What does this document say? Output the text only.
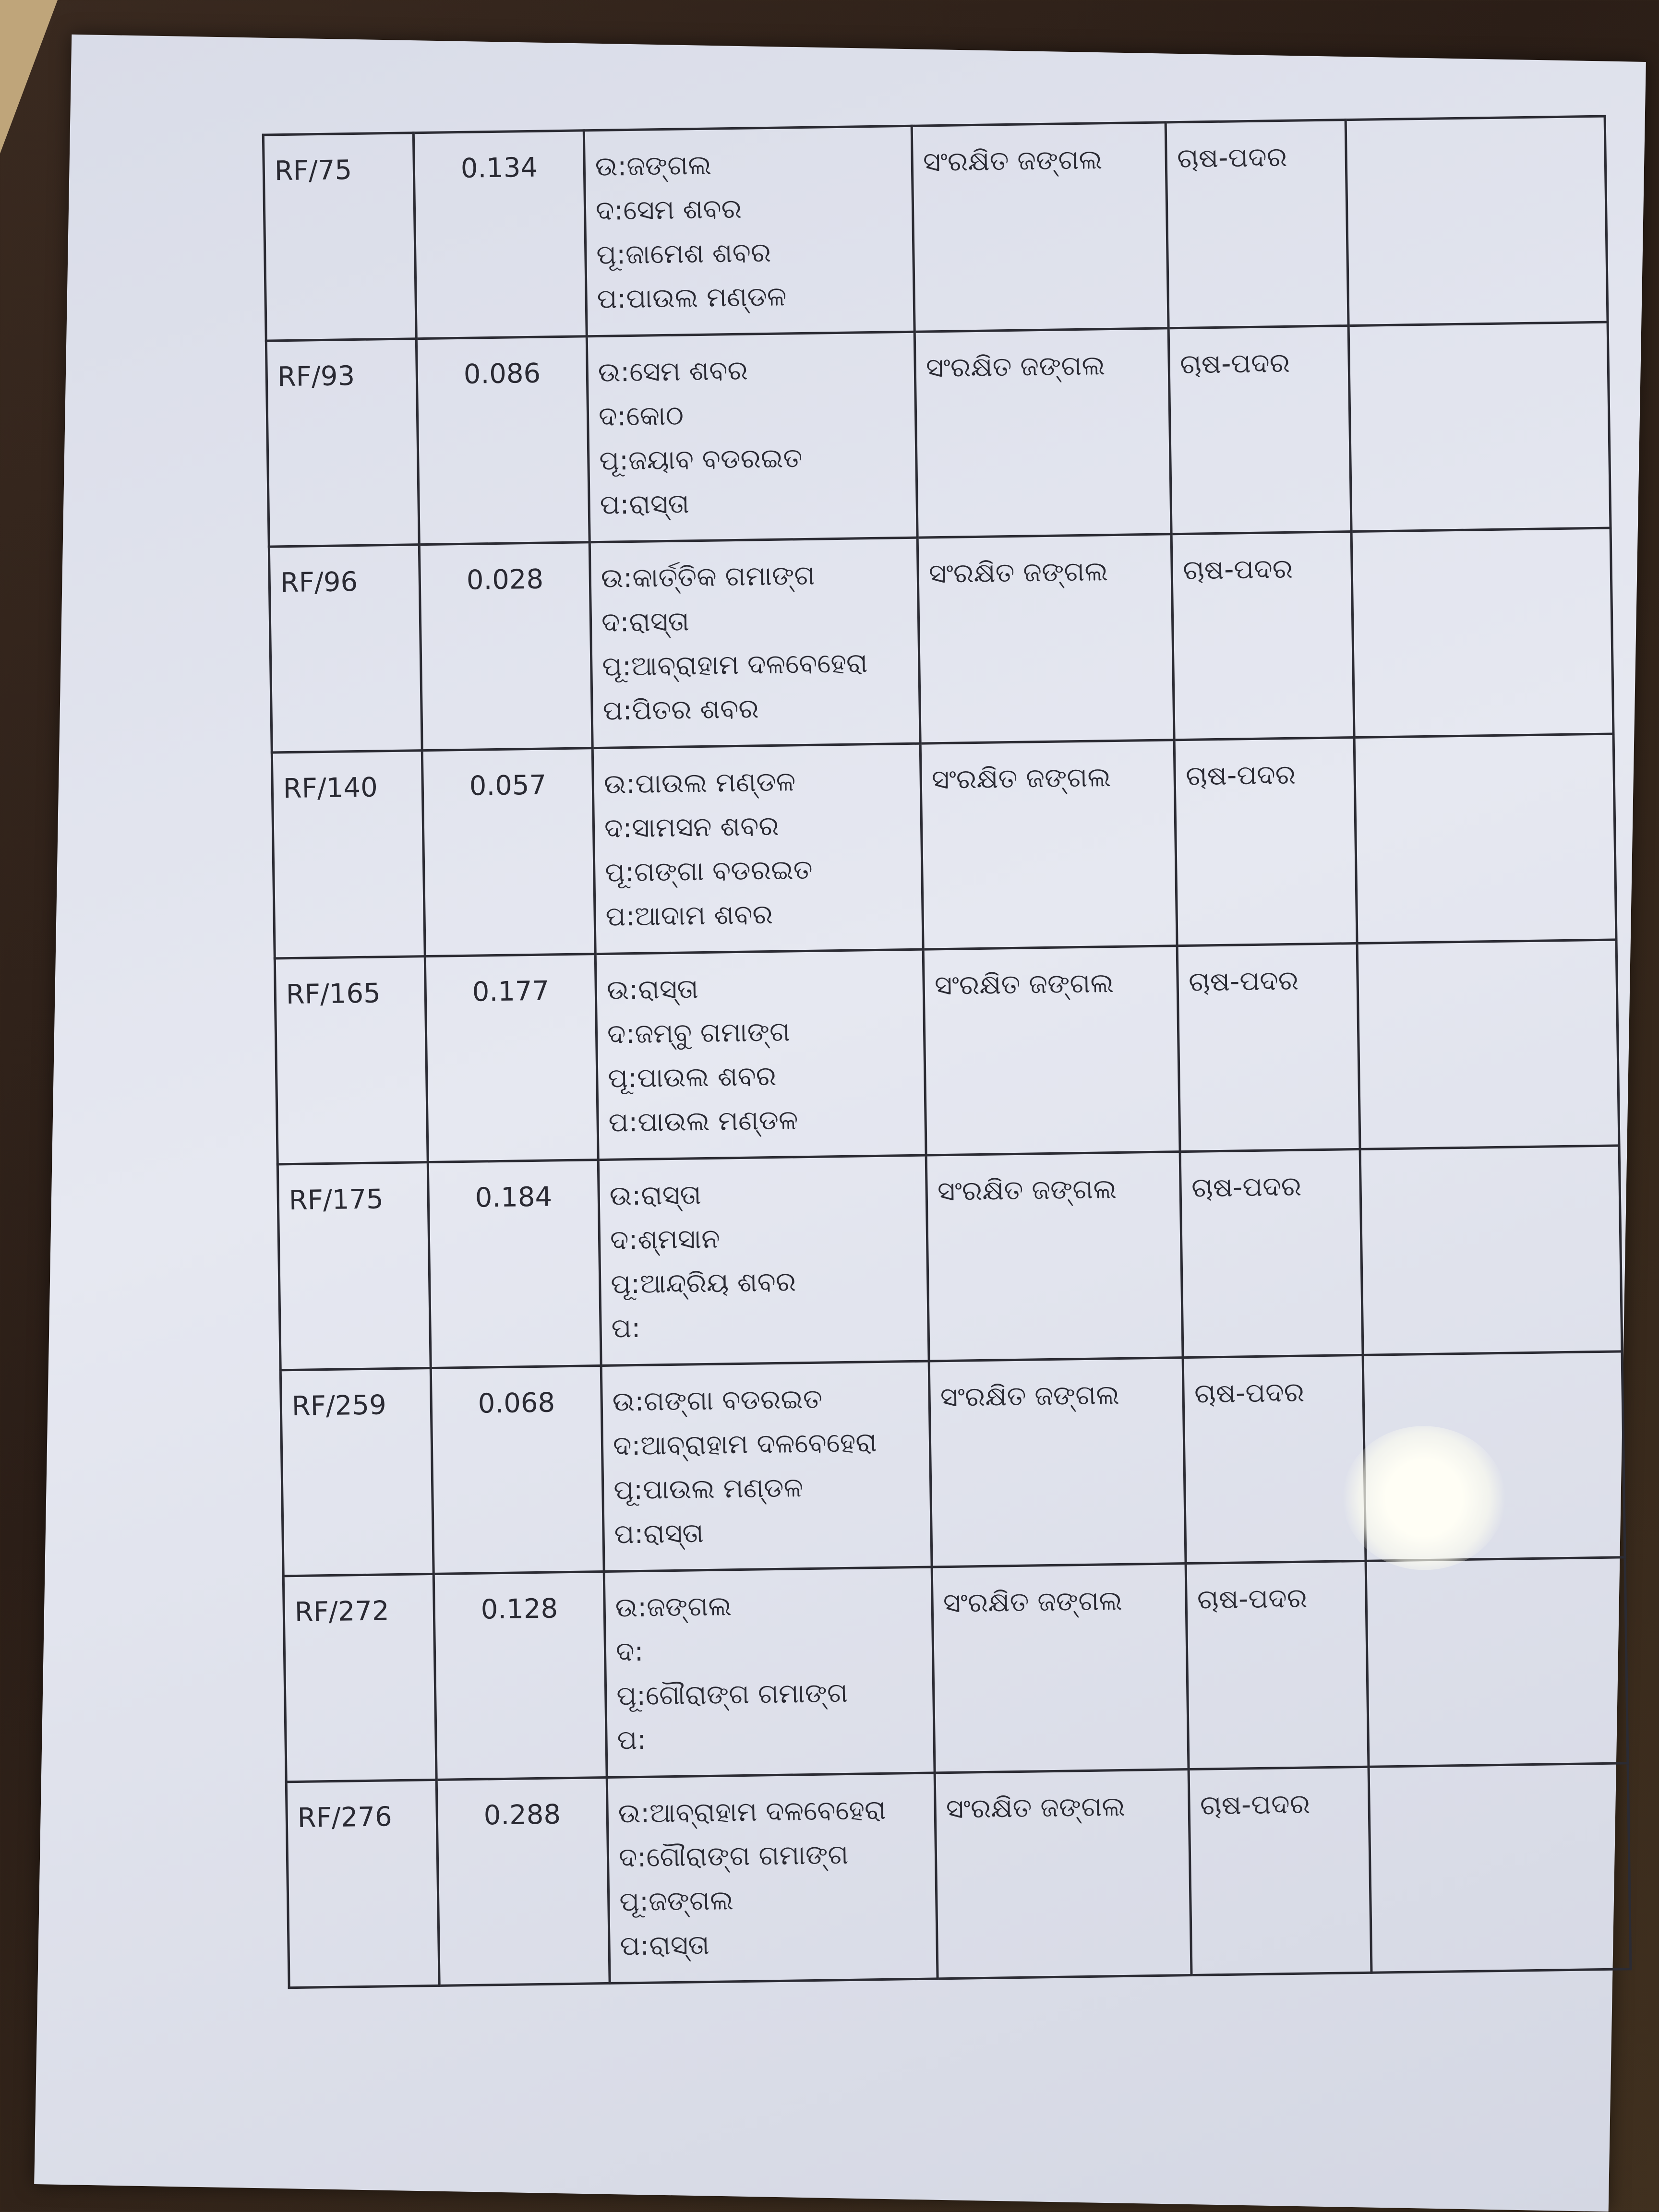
RF/75	0.134	ଉ:ଜଙ୍ଗଲ
ଦ:ସେମ ଶବର
ପୂ:ଜାମେଶ ଶବର
ପ:ପାଉଲ ମଣ୍ଡଳ	ସଂରକ୍ଷିତ ଜଙ୍ଗଲ	ଚାଷ-ପଦର	

RF/93	0.086	ଉ:ସେମ ଶବର
ଦ:କୋଠ
ପୂ:ଜୟାବ ବଡରଇତ
ପ:ରାସ୍ତା	ସଂରକ୍ଷିତ ଜଙ୍ଗଲ	ଚାଷ-ପଦର	

RF/96	0.028	ଉ:କାର୍ତ୍ତିକ ଗମାଙ୍ଗ
ଦ:ରାସ୍ତା
ପୂ:ଆବ୍ରାହାମ ଦଳବେହେରା
ପ:ପିତର ଶବର	ସଂରକ୍ଷିତ ଜଙ୍ଗଲ	ଚାଷ-ପଦର	

RF/140	0.057	ଉ:ପାଉଲ ମଣ୍ଡଳ
ଦ:ସାମସନ ଶବର
ପୂ:ଗଙ୍ଗା ବଡରଇତ
ପ:ଆଦାମ ଶବର	ସଂରକ୍ଷିତ ଜଙ୍ଗଲ	ଚାଷ-ପଦର	

RF/165	0.177	ଉ:ରାସ୍ତା
ଦ:ଜମ୍ବୁ ଗମାଙ୍ଗ
ପୂ:ପାଉଲ ଶବର
ପ:ପାଉଲ ମଣ୍ଡଳ	ସଂରକ୍ଷିତ ଜଙ୍ଗଲ	ଚାଷ-ପଦର	

RF/175	0.184	ଉ:ରାସ୍ତା
ଦ:ଶ୍ମସାନ
ପୂ:ଆନ୍ଦ୍ରିୟ ଶବର
ପ:	ସଂରକ୍ଷିତ ଜଙ୍ଗଲ	ଚାଷ-ପଦର	

RF/259	0.068	ଉ:ଗଙ୍ଗା ବଡରଇତ
ଦ:ଆବ୍ରାହାମ ଦଳବେହେରା
ପୂ:ପାଉଲ ମଣ୍ଡଳ
ପ:ରାସ୍ତା	ସଂରକ୍ଷିତ ଜଙ୍ଗଲ	ଚାଷ-ପଦର	

RF/272	0.128	ଉ:ଜଙ୍ଗଲ
ଦ:
ପୂ:ଗୌରାଙ୍ଗ ଗମାଙ୍ଗ
ପ:	ସଂରକ୍ଷିତ ଜଙ୍ଗଲ	ଚାଷ-ପଦର	

RF/276	0.288	ଉ:ଆବ୍ରାହାମ ଦଳବେହେରା
ଦ:ଗୌରାଙ୍ଗ ଗମାଙ୍ଗ
ପୂ:ଜଙ୍ଗଲ
ପ:ରାସ୍ତା	ସଂରକ୍ଷିତ ଜଙ୍ଗଲ	ଚାଷ-ପଦର	
